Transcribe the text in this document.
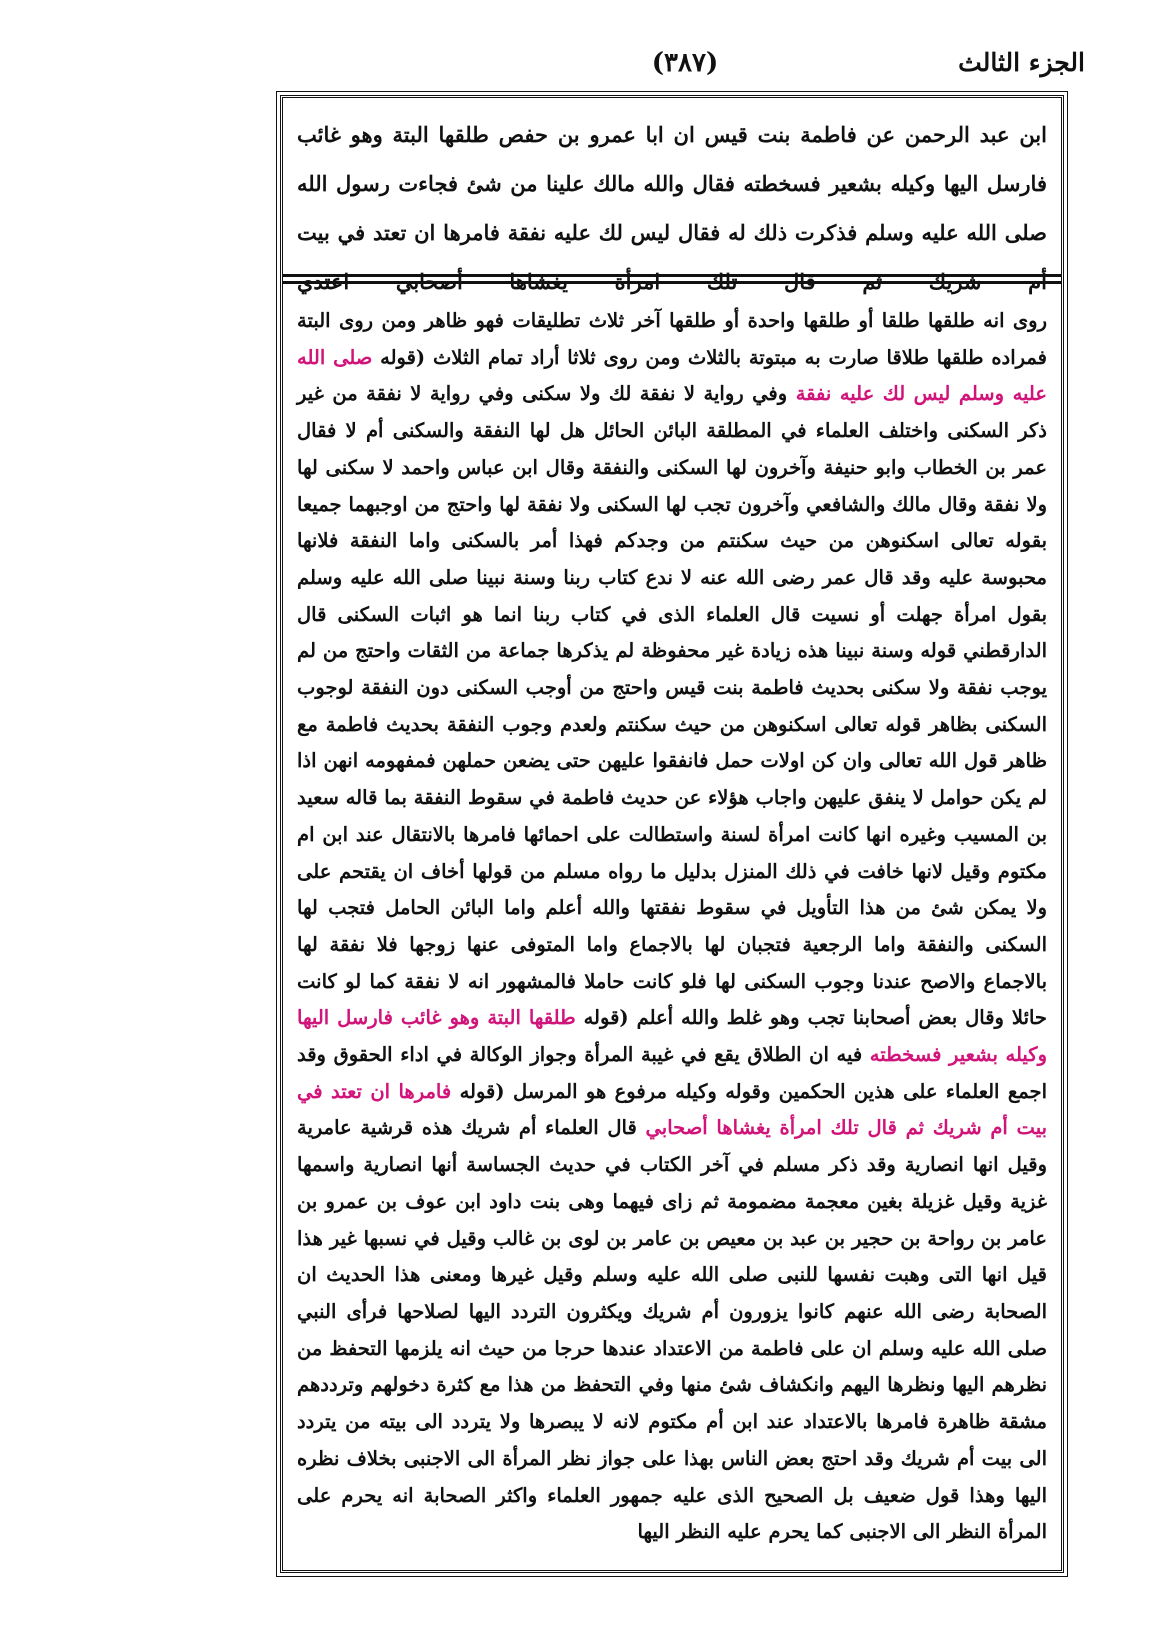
الجزء الثالث
(٣٨٧)

ابن عبد الرحمن عن فاطمة بنت قيس ان ابا عمرو بن حفص طلقها البتة وهو غائب فارسل اليها وكيله بشعير فسخطته فقال والله مالك علينا من شئ فجاءت رسول الله صلى الله عليه وسلم فذكرت ذلك له فقال ليس لك عليه نفقة فامرها ان تعتد في بيت أم شريك ثم قال تلك امرأة يغشاها أصحابي اعتدي

روى انه طلقها طلقا أو طلقها واحدة أو طلقها آخر ثلاث تطليقات فهو ظاهر ومن روى البتة فمراده طلقها طلاقا صارت به مبتوتة بالثلاث ومن روى ثلاثا أراد تمام الثلاث (قوله صلى الله عليه وسلم ليس لك عليه نفقة وفي رواية لا نفقة لك ولا سكنى وفي رواية لا نفقة من غير ذكر السكنى واختلف العلماء في المطلقة البائن الحائل هل لها النفقة والسكنى أم لا فقال عمر بن الخطاب وابو حنيفة وآخرون لها السكنى والنفقة وقال ابن عباس واحمد لا سكنى لها ولا نفقة وقال مالك والشافعي وآخرون تجب لها السكنى ولا نفقة لها واحتج من اوجبهما جميعا بقوله تعالى اسكنوهن من حيث سكنتم من وجدكم فهذا أمر بالسكنى واما النفقة فلانها محبوسة عليه وقد قال عمر رضى الله عنه لا ندع كتاب ربنا وسنة نبينا صلى الله عليه وسلم بقول امرأة جهلت أو نسيت قال العلماء الذى في كتاب ربنا انما هو اثبات السكنى قال الدارقطني قوله وسنة نبينا هذه زيادة غير محفوظة لم يذكرها جماعة من الثقات واحتج من لم يوجب نفقة ولا سكنى بحديث فاطمة بنت قيس واحتج من أوجب السكنى دون النفقة لوجوب السكنى بظاهر قوله تعالى اسكنوهن من حيث سكنتم ولعدم وجوب النفقة بحديث فاطمة مع ظاهر قول الله تعالى وان كن اولات حمل فانفقوا عليهن حتى يضعن حملهن فمفهومه انهن اذا لم يكن حوامل لا ينفق عليهن واجاب هؤلاء عن حديث فاطمة في سقوط النفقة بما قاله سعيد بن المسيب وغيره انها كانت امرأة لسنة واستطالت على احمائها فامرها بالانتقال عند ابن ام مكتوم وقيل لانها خافت في ذلك المنزل بدليل ما رواه مسلم من قولها أخاف ان يقتحم على ولا يمكن شئ من هذا التأويل في سقوط نفقتها والله أعلم واما البائن الحامل فتجب لها السكنى والنفقة واما الرجعية فتجبان لها بالاجماع واما المتوفى عنها زوجها فلا نفقة لها بالاجماع والاصح عندنا وجوب السكنى لها فلو كانت حاملا فالمشهور انه لا نفقة كما لو كانت حائلا وقال بعض أصحابنا تجب وهو غلط والله أعلم (قوله طلقها البتة وهو غائب فارسل اليها وكيله بشعير فسخطته فيه ان الطلاق يقع في غيبة المرأة وجواز الوكالة في اداء الحقوق وقد اجمع العلماء على هذين الحكمين وقوله وكيله مرفوع هو المرسل (قوله فامرها ان تعتد في بيت أم شريك ثم قال تلك امرأة يغشاها أصحابي قال العلماء أم شريك هذه قرشية عامرية وقيل انها انصارية وقد ذكر مسلم في آخر الكتاب في حديث الجساسة أنها انصارية واسمها غزية وقيل غزيلة بغين معجمة مضمومة ثم زاى فيهما وهى بنت داود ابن عوف بن عمرو بن عامر بن رواحة بن حجير بن عبد بن معيص بن عامر بن لوى بن غالب وقيل في نسبها غير هذا قيل انها التى وهبت نفسها للنبى صلى الله عليه وسلم وقيل غيرها ومعنى هذا الحديث ان الصحابة رضى الله عنهم كانوا يزورون أم شريك ويكثرون التردد اليها لصلاحها فرأى النبي صلى الله عليه وسلم ان على فاطمة من الاعتداد عندها حرجا من حيث انه يلزمها التحفظ من نظرهم اليها ونظرها اليهم وانكشاف شئ منها وفي التحفظ من هذا مع كثرة دخولهم وترددهم مشقة ظاهرة فامرها بالاعتداد عند ابن أم مكتوم لانه لا يبصرها ولا يتردد الى بيته من يتردد الى بيت أم شريك وقد احتج بعض الناس بهذا على جواز نظر المرأة الى الاجنبى بخلاف نظره اليها وهذا قول ضعيف بل الصحيح الذى عليه جمهور العلماء واكثر الصحابة انه يحرم على المرأة النظر الى الاجنبى كما يحرم عليه النظر اليها
